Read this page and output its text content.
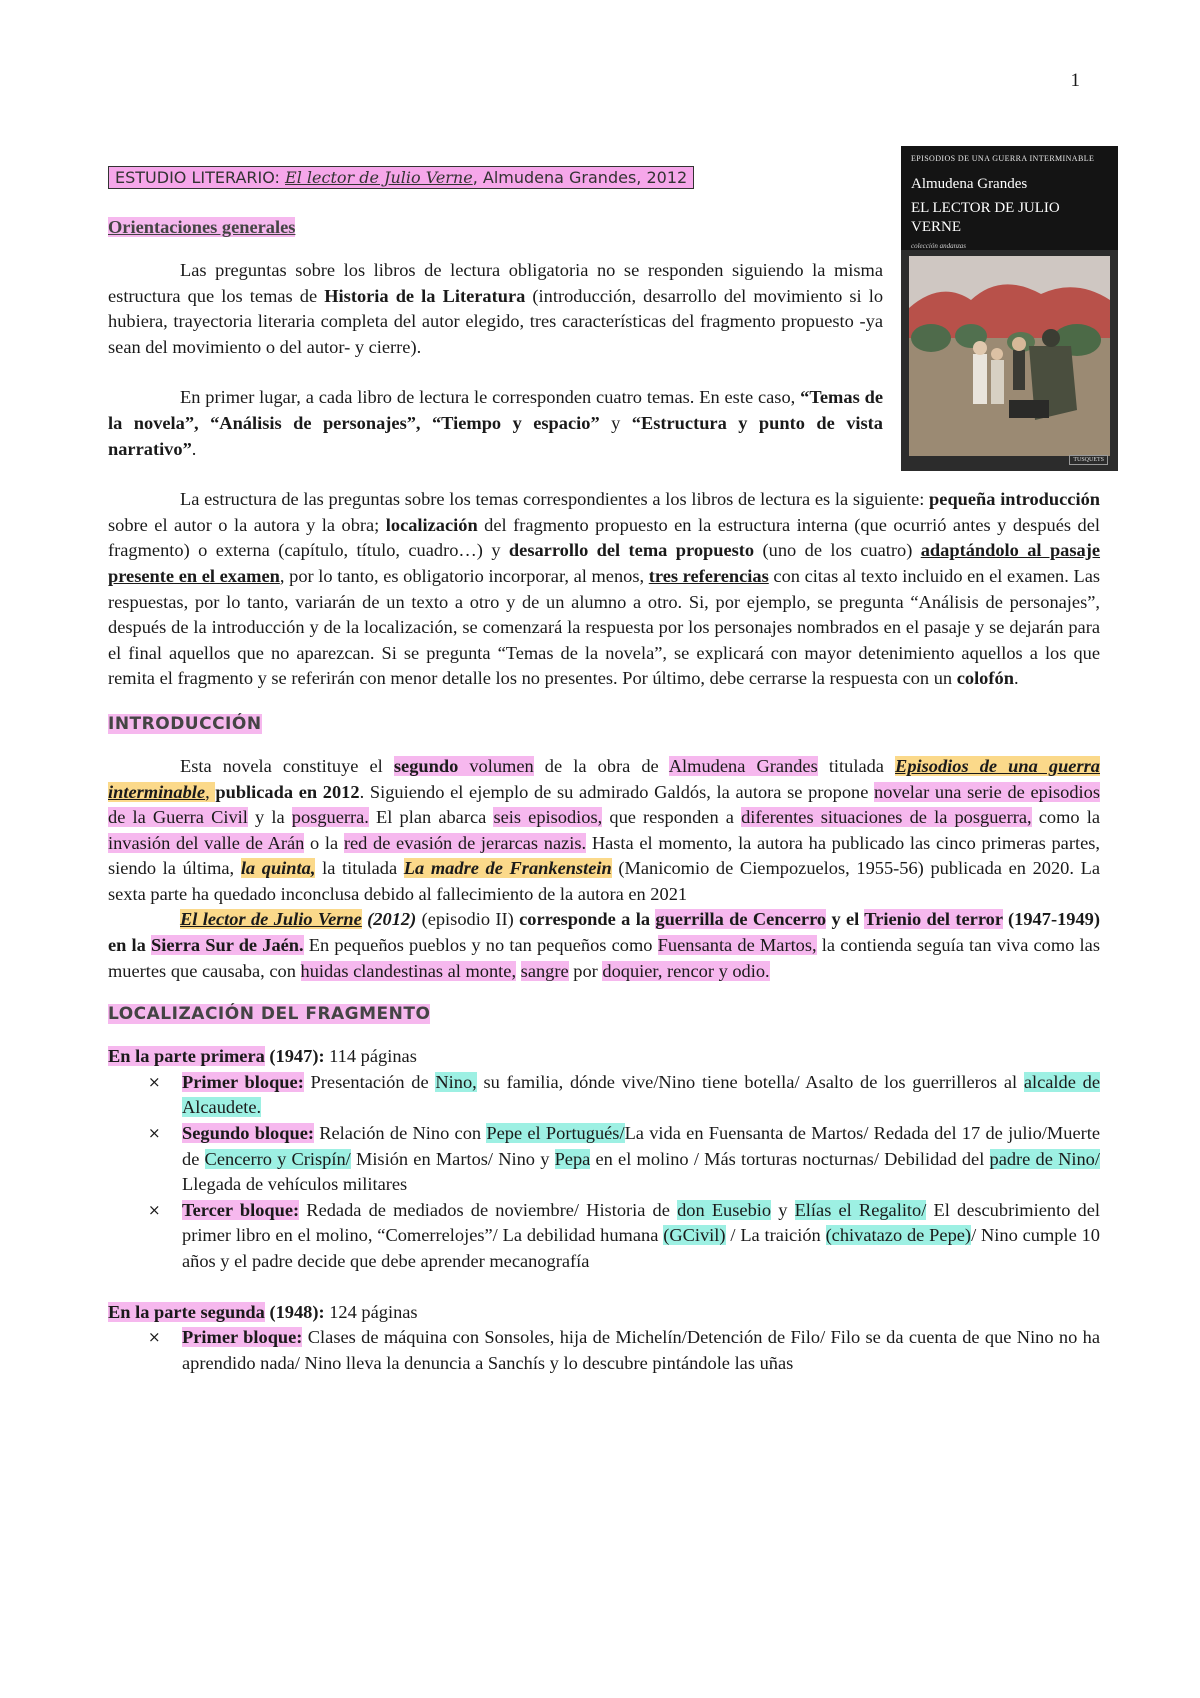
1
EPISODIOS DE UNA GUERRA INTERMINABLE
Almudena Grandes
EL LECTOR DE JULIO VERNE
colección andanzas
TUSQUETS
ESTUDIO LITERARIO: El lector de Julio Verne, Almudena Grandes, 2012
Orientaciones generales

Las preguntas sobre los libros de lectura obligatoria no se responden siguiendo la misma estructura que los temas de Historia de la Literatura (introducción, desarrollo del movimiento si lo hubiera, trayectoria literaria completa del autor elegido, tres características del fragmento propuesto -ya sean del movimiento o del autor- y cierre).

En primer lugar, a cada libro de lectura le corresponden cuatro temas. En este caso, “Temas de la novela”, “Análisis de personajes”, “Tiempo y espacio” y “Estructura y punto de vista narrativo”.

La estructura de las preguntas sobre los temas correspondientes a los libros de lectura es la siguiente: pequeña introducción sobre el autor o la autora y la obra; localización del fragmento propuesto en la estructura interna (que ocurrió antes y después del fragmento) o externa (capítulo, título, cuadro…) y desarrollo del tema propuesto (uno de los cuatro) adaptándolo al pasaje presente en el examen, por lo tanto, es obligatorio incorporar, al menos, tres referencias con citas al texto incluido en el examen. Las respuestas, por lo tanto, variarán de un texto a otro y de un alumno a otro. Si, por ejemplo, se pregunta “Análisis de personajes”, después de la introducción y de la localización, se comenzará la respuesta por los personajes nombrados en el pasaje y se dejarán para el final aquellos que no aparezcan. Si se pregunta “Temas de la novela”, se explicará con mayor detenimiento aquellos a los que remita el fragmento y se referirán con menor detalle los no presentes. Por último, debe cerrarse la respuesta con un colofón.

INTRODUCCIÓN

Esta novela constituye el segundo volumen de la obra de Almudena Grandes titulada Episodios de una guerra interminable, publicada en 2012. Siguiendo el ejemplo de su admirado Galdós, la autora se propone novelar una serie de episodios de la Guerra Civil y la posguerra. El plan abarca seis episodios, que responden a diferentes situaciones de la posguerra, como la invasión del valle de Arán o la red de evasión de jerarcas nazis. Hasta el momento, la autora ha publicado las cinco primeras partes, siendo la última, la quinta, la titulada La madre de Frankenstein (Manicomio de Ciempozuelos, 1955-56) publicada en 2020. La sexta parte ha quedado inconclusa debido al fallecimiento de la autora en 2021

El lector de Julio Verne (2012) (episodio II) corresponde a la guerrilla de Cencerro y el Trienio del terror (1947-1949) en la Sierra Sur de Jaén. En pequeños pueblos y no tan pequeños como Fuensanta de Martos, la contienda seguía tan viva como las muertes que causaba, con huidas clandestinas al monte, sangre por doquier, rencor y odio.

LOCALIZACIÓN DEL FRAGMENTO

En la parte primera (1947): 114 páginas

× Primer bloque: Presentación de Nino, su familia, dónde vive/Nino tiene botella/ Asalto de los guerrilleros al alcalde de Alcaudete.
× Segundo bloque: Relación de Nino con Pepe el Portugués/La vida en Fuensanta de Martos/ Redada del 17 de julio/Muerte de Cencerro y Crispín/ Misión en Martos/ Nino y Pepa en el molino / Más torturas nocturnas/ Debilidad del padre de Nino/ Llegada de vehículos militares
× Tercer bloque: Redada de mediados de noviembre/ Historia de don Eusebio y Elías el Regalito/ El descubrimiento del primer libro en el molino, “Comerrelojes”/ La debilidad humana (GCivil) / La traición (chivatazo de Pepe)/ Nino cumple 10 años y el padre decide que debe aprender mecanografía

En la parte segunda (1948): 124 páginas

× Primer bloque: Clases de máquina con Sonsoles, hija de Michelín/Detención de Filo/ Filo se da cuenta de que Nino no ha aprendido nada/ Nino lleva la denuncia a Sanchís y lo descubre pintándole las uñas
